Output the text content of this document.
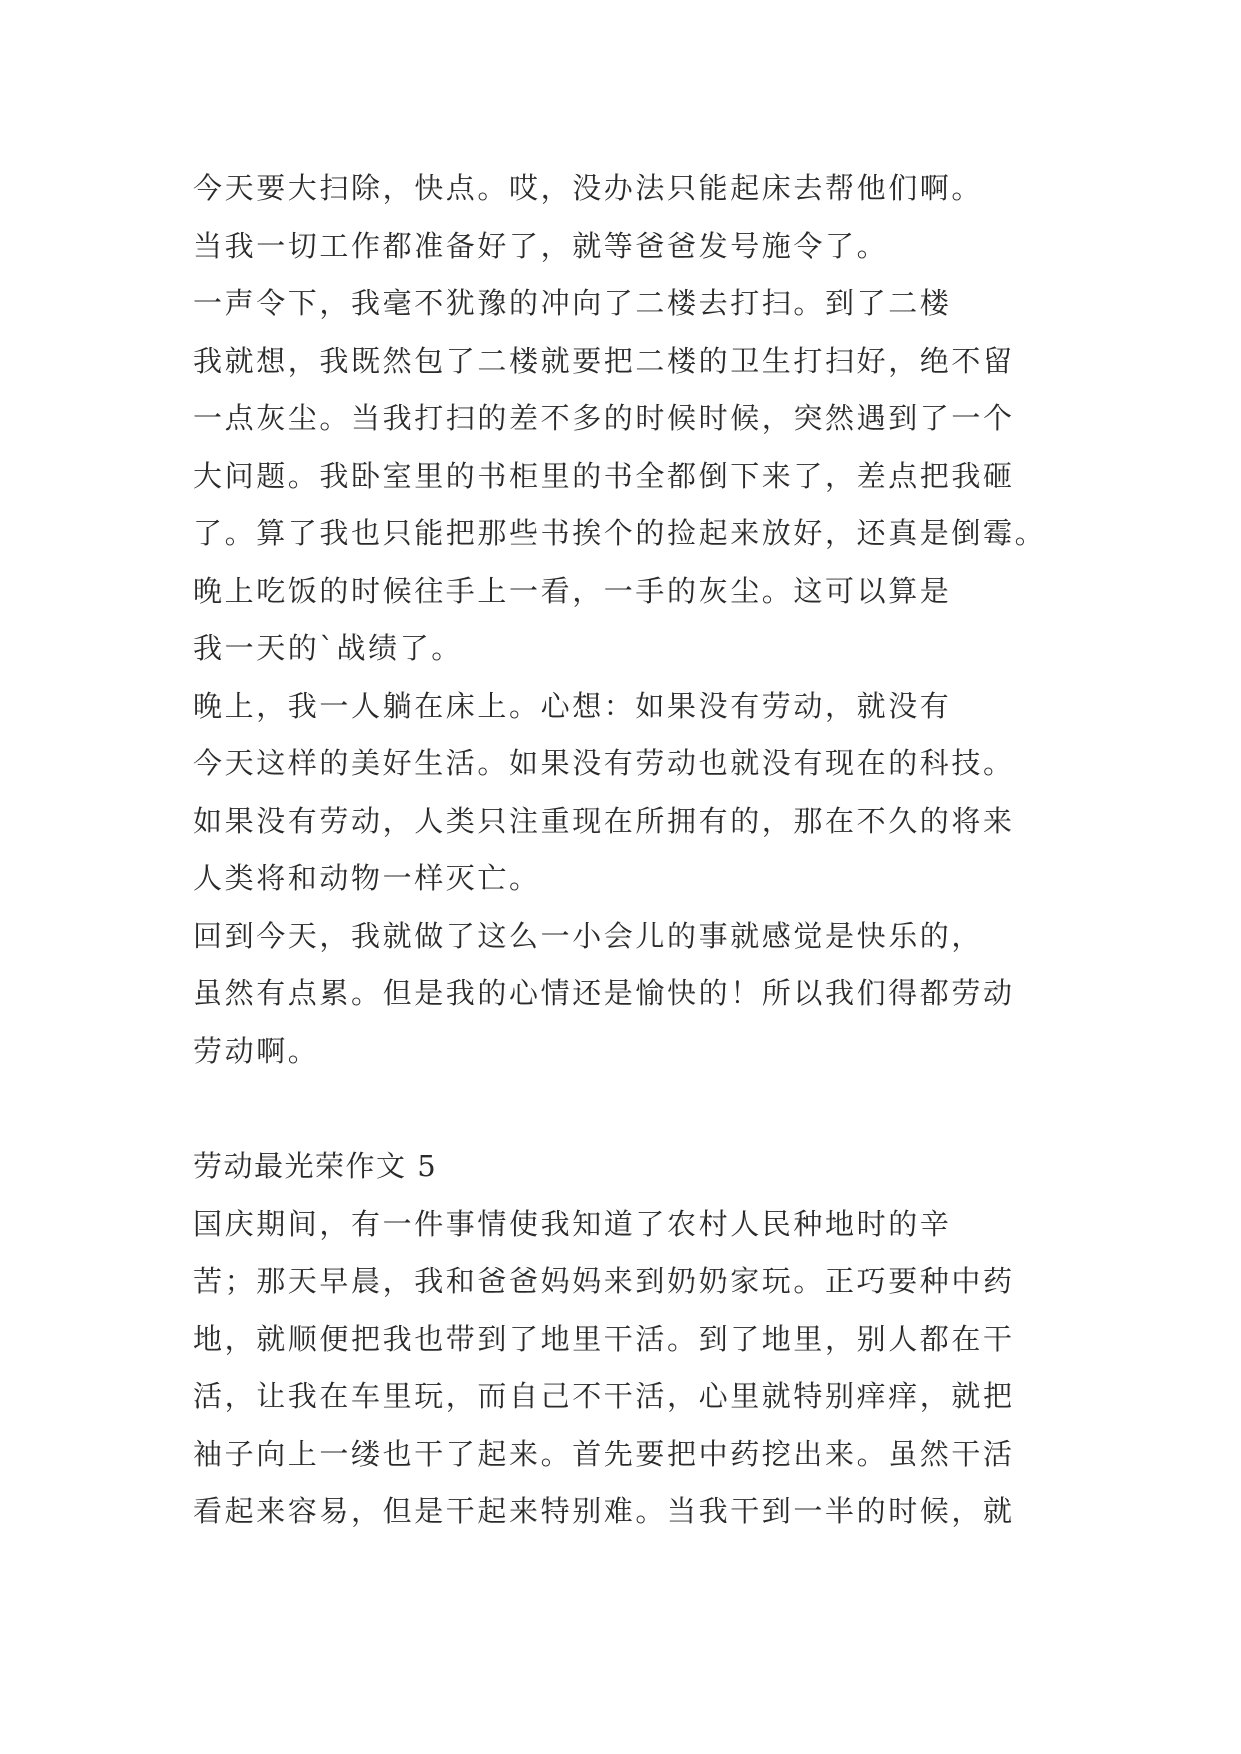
今天要大扫除，快点。哎，没办法只能起床去帮他们啊。

当我一切工作都准备好了，就等爸爸发号施令了。

一声令下，我毫不犹豫的冲向了二楼去打扫。到了二楼

我就想，我既然包了二楼就要把二楼的卫生打扫好，绝不留

一点灰尘。当我打扫的差不多的时候时候，突然遇到了一个

大问题。我卧室里的书柜里的书全都倒下来了，差点把我砸

了。算了我也只能把那些书挨个的捡起来放好，还真是倒霉。

晚上吃饭的时候往手上一看，一手的灰尘。这可以算是

我一天的`战绩了。

晚上，我一人躺在床上。心想：如果没有劳动，就没有

今天这样的美好生活。如果没有劳动也就没有现在的科技。

如果没有劳动，人类只注重现在所拥有的，那在不久的将来

人类将和动物一样灭亡。

回到今天，我就做了这么一小会儿的事就感觉是快乐的，

虽然有点累。但是我的心情还是愉快的！所以我们得都劳动

劳动啊。

劳动最光荣作文 5

国庆期间，有一件事情使我知道了农村人民种地时的辛

苦；那天早晨，我和爸爸妈妈来到奶奶家玩。正巧要种中药

地，就顺便把我也带到了地里干活。到了地里，别人都在干

活，让我在车里玩，而自己不干活，心里就特别痒痒，就把

袖子向上一缕也干了起来。首先要把中药挖出来。虽然干活

看起来容易，但是干起来特别难。当我干到一半的时候，就
